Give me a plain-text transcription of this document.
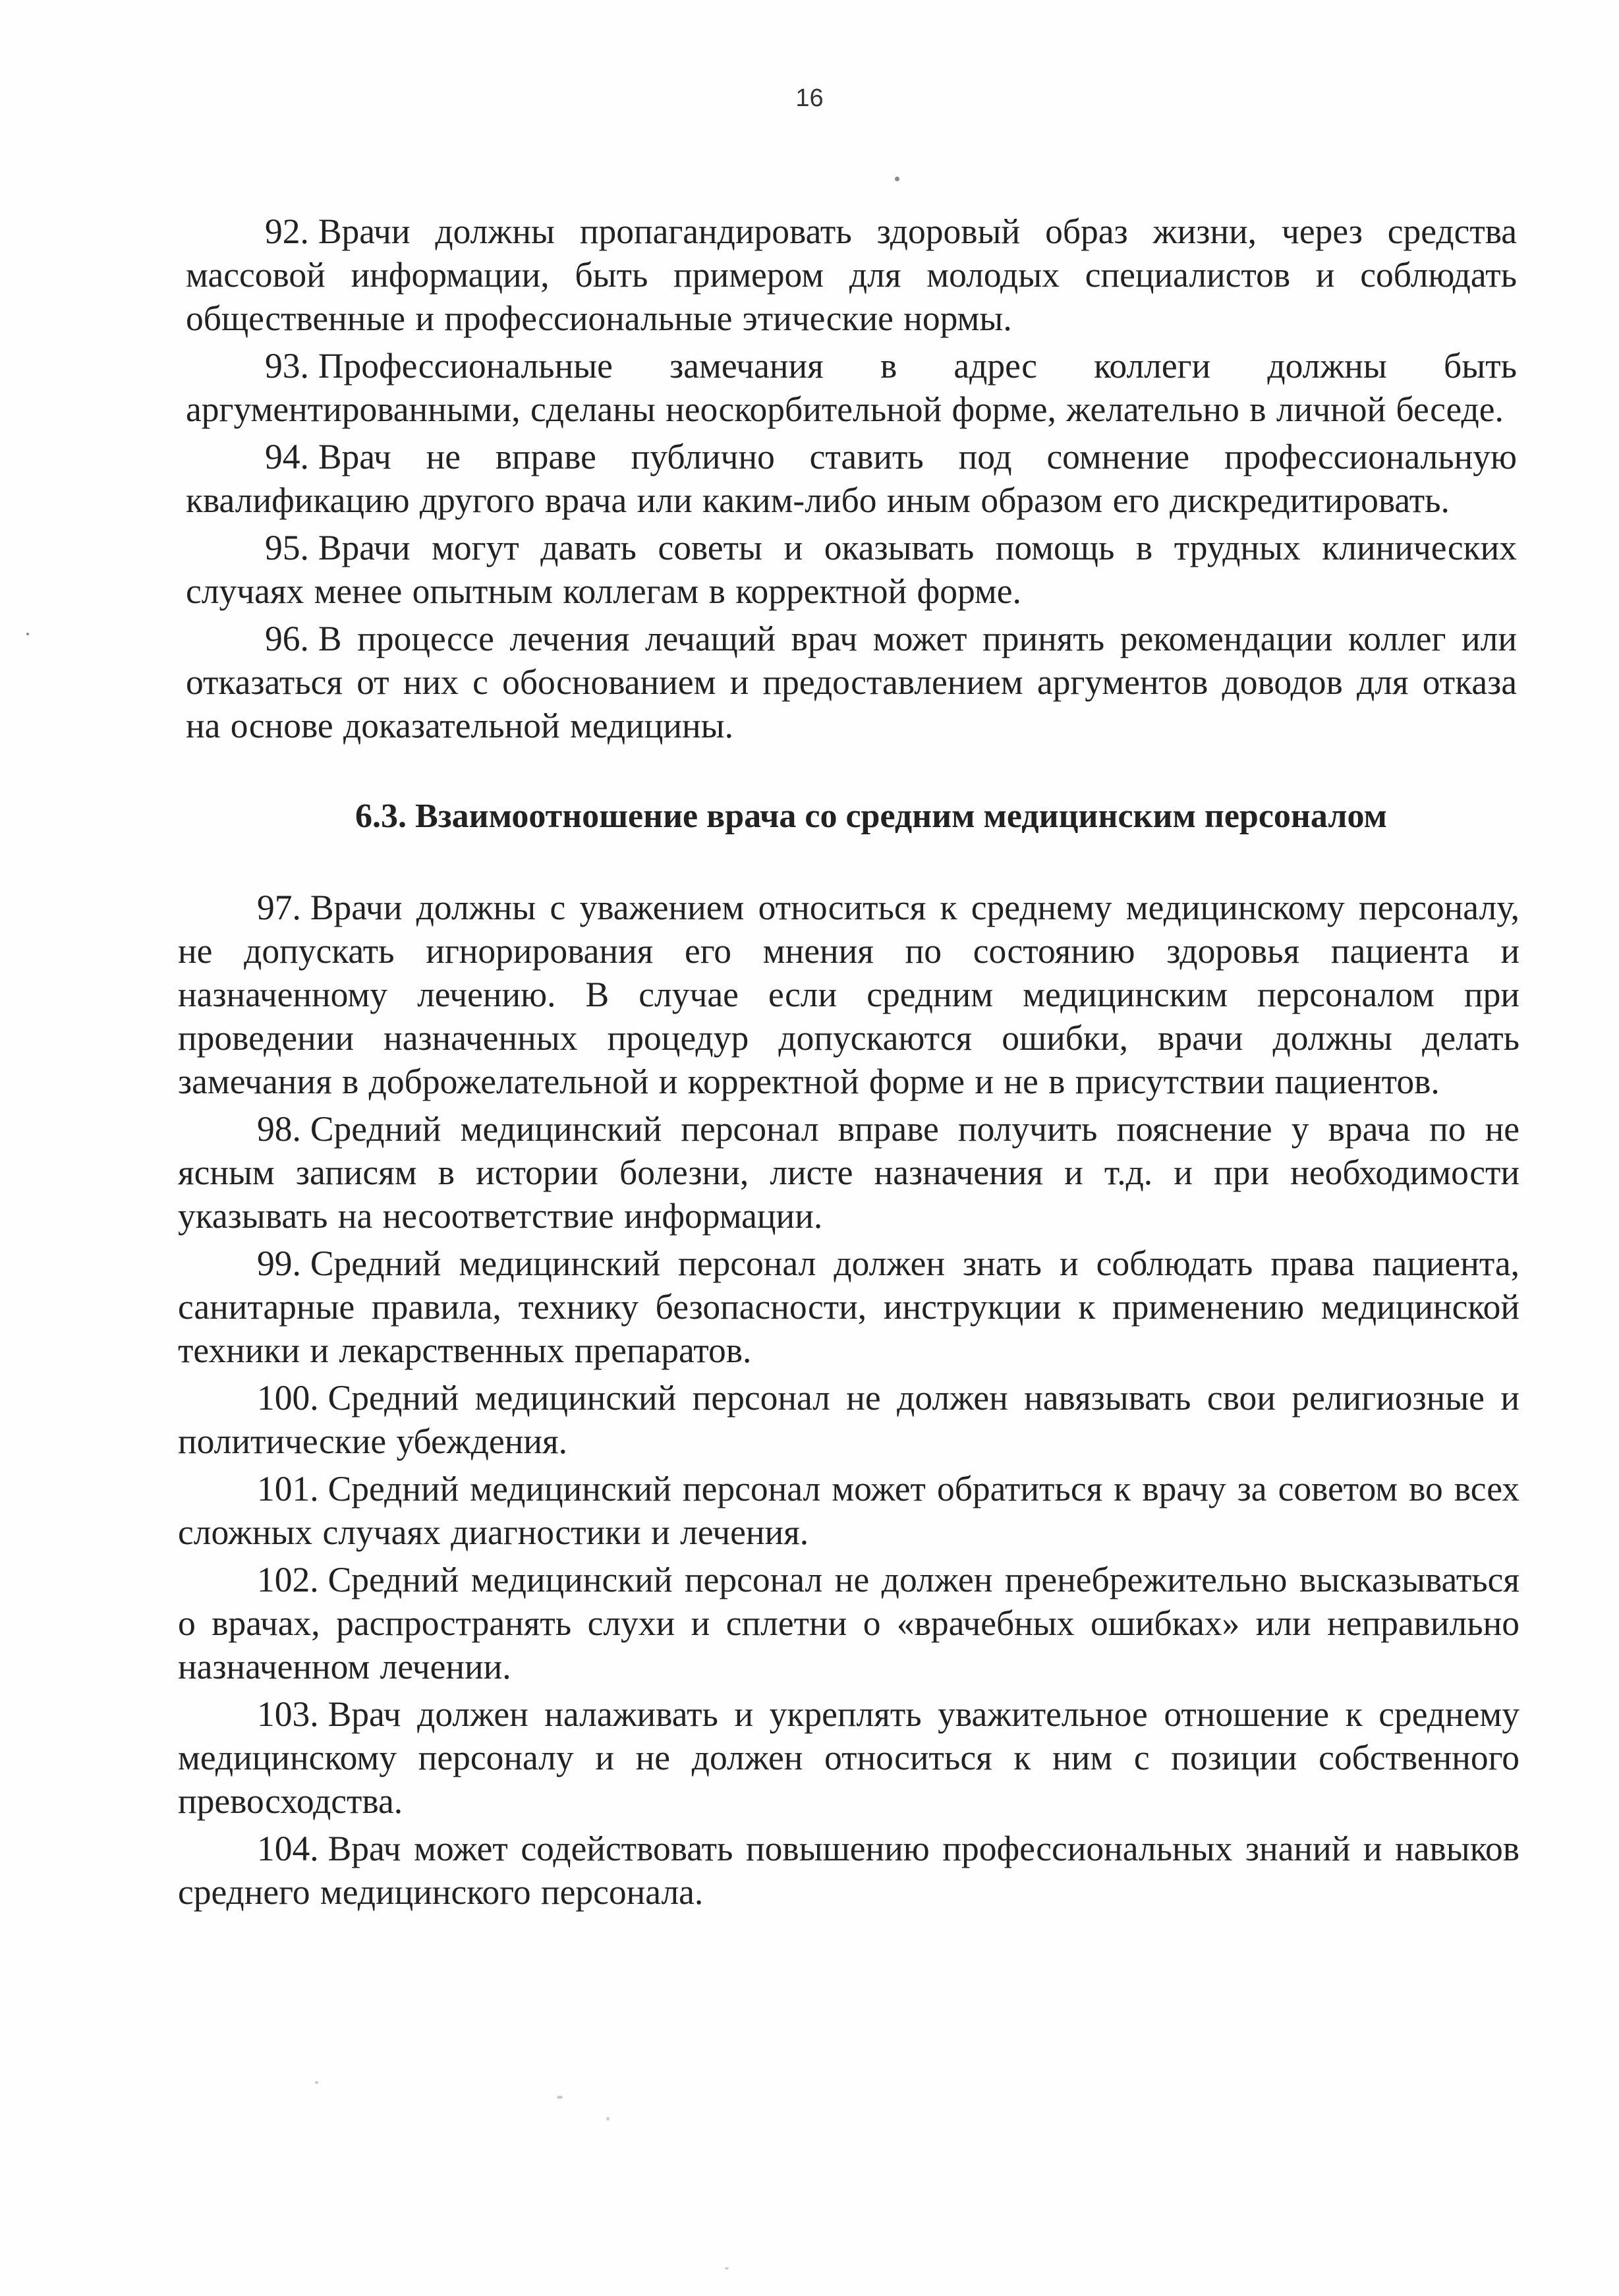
16

92. Врачи должны пропагандировать здоровый образ жизни, через средства массовой информации, быть примером для молодых специалистов и соблюдать общественные и профессиональные этические нормы.

93. Профессиональные замечания в адрес коллеги должны быть аргументированными, сделаны неоскорбительной форме, желательно в личной беседе.

94. Врач не вправе публично ставить под сомнение профессиональную квалификацию другого врача или каким-либо иным образом его дискредитировать.

95. Врачи могут давать советы и оказывать помощь в трудных клинических случаях менее опытным коллегам в корректной форме.

96. В процессе лечения лечащий врач может принять рекомендации коллег или отказаться от них с обоснованием и предоставлением аргументов доводов для отказа на основе доказательной медицины.

6.3. Взаимоотношение врача со средним медицинским персоналом

97. Врачи должны с уважением относиться к среднему медицинскому персоналу, не допускать игнорирования его мнения по состоянию здоровья пациента и назначенному лечению. В случае если средним медицинским персоналом при проведении назначенных процедур допускаются ошибки, врачи должны делать замечания в доброжелательной и корректной форме и не в присутствии пациентов.

98. Средний медицинский персонал вправе получить пояснение у врача по не ясным записям в истории болезни, листе назначения и т.д. и при необходимости указывать на несоответствие информации.

99. Средний медицинский персонал должен знать и соблюдать права пациента, санитарные правила, технику безопасности, инструкции к применению медицинской техники и лекарственных препаратов.

100. Средний медицинский персонал не должен навязывать свои религиозные и политические убеждения.

101. Средний медицинский персонал может обратиться к врачу за советом во всех сложных случаях диагностики и лечения.

102. Средний медицинский персонал не должен пренебрежительно высказываться о врачах, распространять слухи и сплетни о «врачебных ошибках» или неправильно назначенном лечении.

103. Врач должен налаживать и укреплять уважительное отношение к среднему медицинскому персоналу и не должен относиться к ним с позиции собственного превосходства.

104. Врач может содействовать повышению профессиональных знаний и навыков среднего медицинского персонала.
